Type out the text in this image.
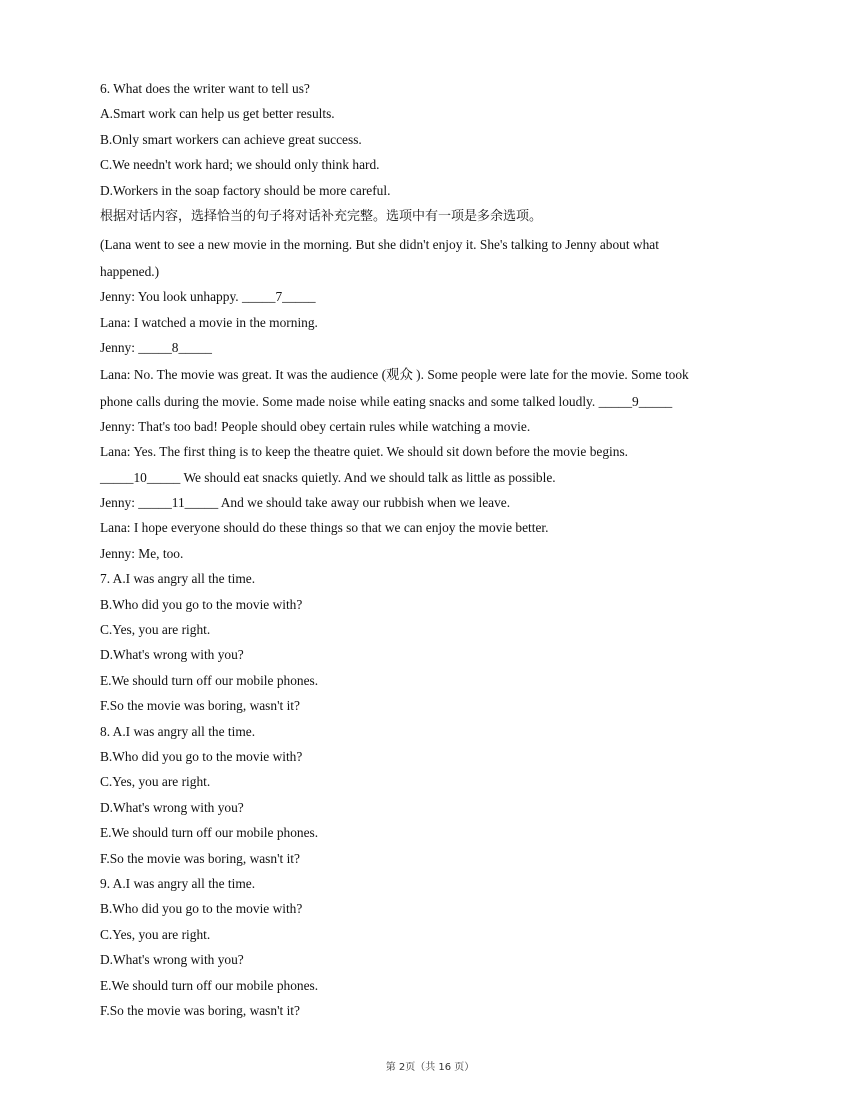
6. What does the writer want to tell us?
A.Smart work can help us get better results.
B.Only smart workers can achieve great success.
C.We needn't work hard; we should only think hard.
D.Workers in the soap factory should be more careful.
根据对话内容，选择恰当的句子将对话补充完整。选项中有一项是多余选项。
(Lana went to see a new movie in the morning. But she didn't enjoy it. She's talking to Jenny about what
happened.)
Jenny: You look unhappy. _____7_____
Lana: I watched a movie in the morning.
Jenny: _____8_____
Lana: No. The movie was great. It was the audience (观众 ). Some people were late for the movie. Some took
phone calls during the movie. Some made noise while eating snacks and some talked loudly. _____9_____
Jenny: That's too bad! People should obey certain rules while watching a movie.
Lana: Yes. The first thing is to keep the theatre quiet. We should sit down before the movie begins.
_____10_____ We should eat snacks quietly. And we should talk as little as possible.
Jenny: _____11_____ And we should take away our rubbish when we leave.
Lana: I hope everyone should do these things so that we can enjoy the movie better.
Jenny: Me, too.
7. A.I was angry all the time.
B.Who did you go to the movie with?
C.Yes, you are right.
D.What's wrong with you?
E.We should turn off our mobile phones.
F.So the movie was boring, wasn't it?
8. A.I was angry all the time.
B.Who did you go to the movie with?
C.Yes, you are right.
D.What's wrong with you?
E.We should turn off our mobile phones.
F.So the movie was boring, wasn't it?
9. A.I was angry all the time.
B.Who did you go to the movie with?
C.Yes, you are right.
D.What's wrong with you?
E.We should turn off our mobile phones.
F.So the movie was boring, wasn't it?
第 2页（共 16 页）
